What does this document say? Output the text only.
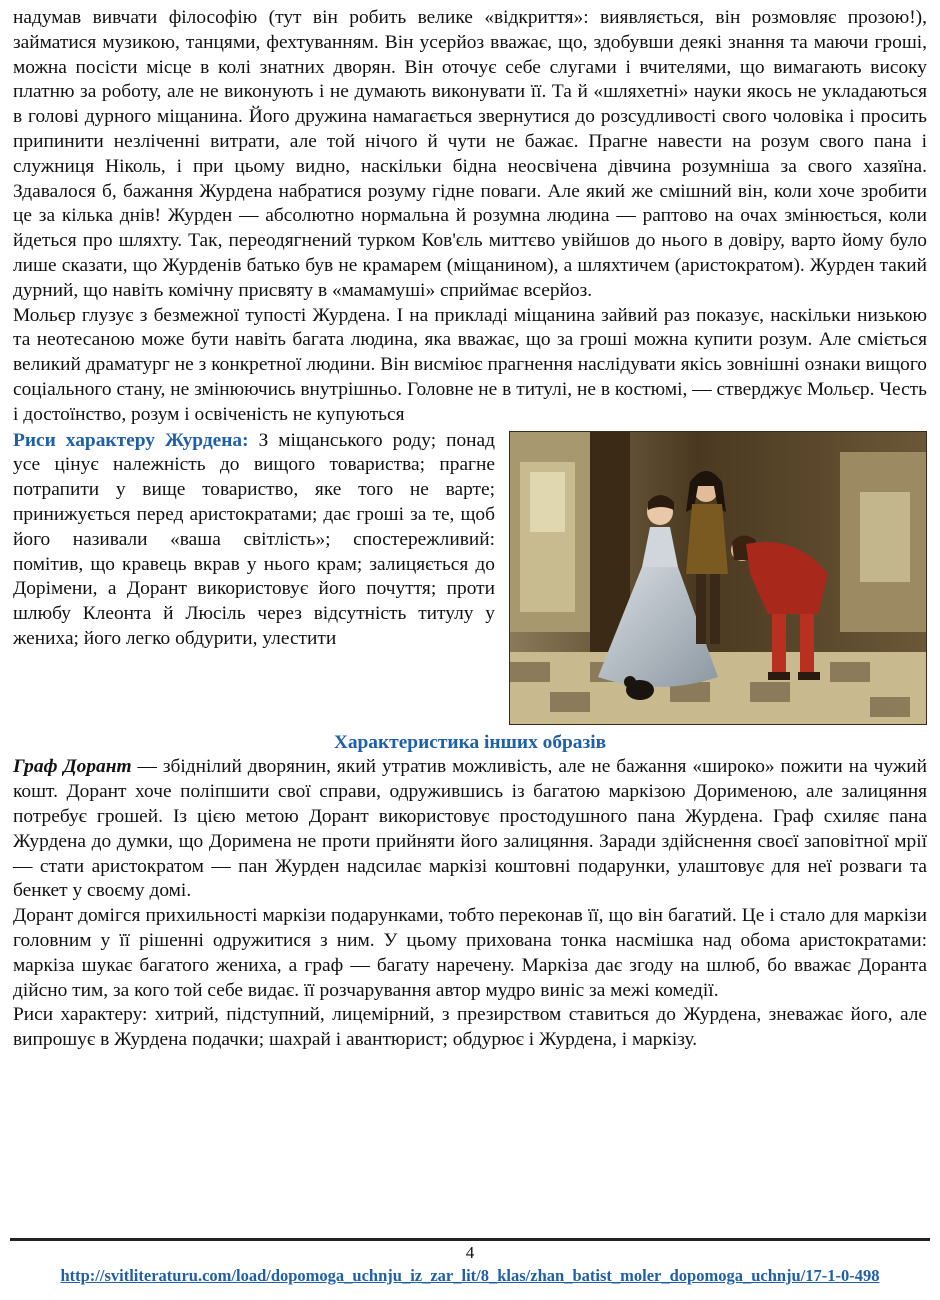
надумав вивчати філософію (тут він робить велике «відкриття»: виявляється, він розмовляє прозою!), займатися музикою, танцями, фехтуванням. Він усерйоз вважає, що, здобувши деякі знання та маючи гроші, можна посісти місце в колі знатних дворян. Він оточує себе слугами і вчителями, що вимагають високу платню за роботу, але не виконують і не думають виконувати її. Та й «шляхетні» науки якось не укладаються в голові дурного міщанина. Його дружина намагається звернутися до розсудливості свого чоловіка і просить припинити незліченні витрати, але той нічого й чути не бажає. Прагне навести на розум свого пана і служниця Ніколь, і при цьому видно, наскільки бідна неосвічена дівчина розумніша за свого хазяїна. Здавалося б, бажання Журдена набратися розуму гідне поваги. Але який же смішний він, коли хоче зробити це за кілька днів! Журден — абсолютно нормальна й розумна людина — раптово на очах змінюється, коли йдеться про шляхту. Так, переодягнений турком Ков'єль миттєво увійшов до нього в довіру, варто йому було лише сказати, що Журденів батько був не крамарем (міщанином), а шляхтичем (аристократом). Журден такий дурний, що навіть комічну присвяту в «мамамуші» сприймає всерйоз.

Мольєр глузує з безмежної тупості Журдена. І на прикладі міщанина зайвий раз показує, наскільки низькою та неотесаною може бути навіть багата людина, яка вважає, що за гроші можна купити розум. Але сміється великий драматург не з конкретної людини. Він висміює прагнення наслідувати якісь зовнішні ознаки вищого соціального стану, не змінюючись внутрішньо. Головне не в титулі, не в костюмі, — стверджує Мольєр. Честь і достоїнство, розум і освіченість не купуються

Риси характеру Журдена: З міщанського роду; понад усе цінує належність до вищого товариства; прагне потрапити у вище товариство, яке того не варте; принижується перед аристократами; дає гроші за те, щоб його називали «ваша світлість»; спостережливий: помітив, що кравець вкрав у нього крам; залицяється до Дорімени, а Дорант використовує його почуття; проти шлюбу Клеонта й Люсіль через відсутність титулу у жениха; його легко обдурити, улестити

Характеристика інших образів

Граф Дорант — збіднілий дворянин, який утратив можливість, але не бажання «широко» пожити на чужий кошт. Дорант хоче поліпшити свої справи, одружившись із багатою маркізою Дорименою, але залицяння потребує грошей. Із цією метою Дорант використовує простодушного пана Журдена. Граф схиляє пана Журдена до думки, що Доримена не проти прийняти його залицяння. Заради здійснення своєї заповітної мрії — стати аристократом — пан Журден надсилає маркізі коштовні подарунки, улаштовує для неї розваги та бенкет у своєму домі.

Дорант домігся прихильності маркізи подарунками, тобто переконав її, що він багатий. Це і стало для маркізи головним у її рішенні одружитися з ним. У цьому прихована тонка насмішка над обома аристократами: маркіза шукає багатого жениха, а граф — багату наречену. Маркіза дає згоду на шлюб, бо вважає Доранта дійсно тим, за кого той себе видає. її розчарування автор мудро виніс за межі комедії.

Риси характеру: хитрий, підступний, лицемірний, з презирством ставиться до Журдена, зневажає його, але випрошує в Журдена подачки; шахрай і авантюрист; обдурює і Журдена, і маркізу.

4
http://svitliteraturu.com/load/dopomoga_uchnju_iz_zar_lit/8_klas/zhan_batist_moler_dopomoga_uchnju/17-1-0-498
